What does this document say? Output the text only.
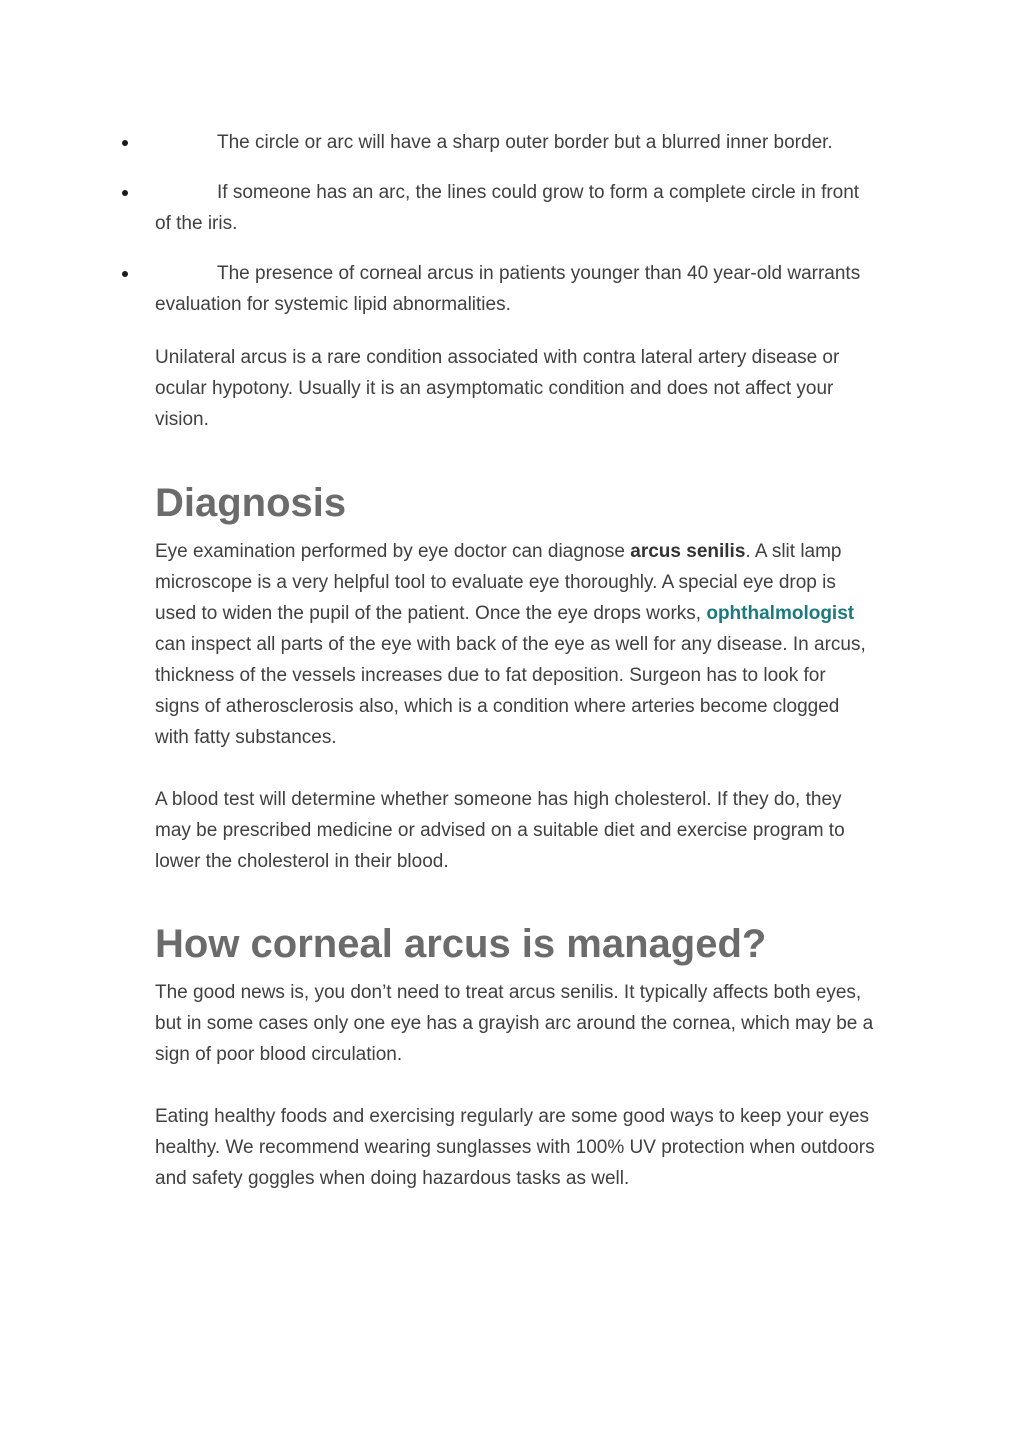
The circle or arc will have a sharp outer border but a blurred inner border.
If someone has an arc, the lines could grow to form a complete circle in front of the iris.
The presence of corneal arcus in patients younger than 40 year-old warrants evaluation for systemic lipid abnormalities.

Unilateral arcus is a rare condition associated with contra lateral artery disease or ocular hypotony. Usually it is an asymptomatic condition and does not affect your vision.

Diagnosis

Eye examination performed by eye doctor can diagnose arcus senilis. A slit lamp microscope is a very helpful tool to evaluate eye thoroughly. A special eye drop is used to widen the pupil of the patient. Once the eye drops works, ophthalmologist can inspect all parts of the eye with back of the eye as well for any disease. In arcus, thickness of the vessels increases due to fat deposition. Surgeon has to look for signs of atherosclerosis also, which is a condition where arteries become clogged with fatty substances.

A blood test will determine whether someone has high cholesterol. If they do, they may be prescribed medicine or advised on a suitable diet and exercise program to lower the cholesterol in their blood.

How corneal arcus is managed?

The good news is, you don’t need to treat arcus senilis. It typically affects both eyes, but in some cases only one eye has a grayish arc around the cornea, which may be a sign of poor blood circulation.

Eating healthy foods and exercising regularly are some good ways to keep your eyes healthy. We recommend wearing sunglasses with 100% UV protection when outdoors and safety goggles when doing hazardous tasks as well.
